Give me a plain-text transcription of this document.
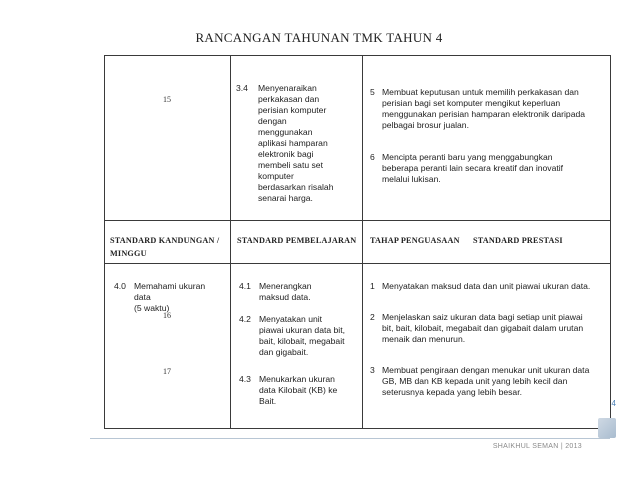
RANCANGAN TAHUNAN TMK TAHUN 4
15
3.4 Menyenaraikan perkakasan dan perisian komputer dengan menggunakan aplikasi hamparan elektronik bagi membeli satu set komputer berdasarkan risalah senarai harga.
5 Membuat keputusan untuk memilih perkakasan dan perisian bagi set komputer mengikut keperluan menggunakan perisian hamparan elektronik daripada pelbagai brosur jualan.
6 Mencipta peranti baru yang menggabungkan beberapa peranti lain secara kreatif dan inovatif melalui lukisan.
STANDARD KANDUNGAN / MINGGU
STANDARD PEMBELAJARAN TAHAP PENGUASAAN STANDARD PRESTASI
4.0 Memahami ukuran data
(5 waktu)
16
17
4.1 Menerangkan maksud data.
4.2 Menyatakan unit piawai ukuran data bit, bait, kilobait, megabait dan gigabait.
4.3 Menukarkan ukuran data Kilobait (KB) ke Bait.
1 Menyatakan maksud data dan unit piawai ukuran data.
2 Menjelaskan saiz ukuran data bagi setiap unit piawai bit, bait, kilobait, megabait dan gigabait dalam urutan menaik dan menurun.
3 Membuat pengiraan dengan menukar unit ukuran data GB, MB dan KB kepada unit yang lebih kecil dan seterusnya kepada yang lebih besar.
4
SHAIKHUL SEMAN | 2013
